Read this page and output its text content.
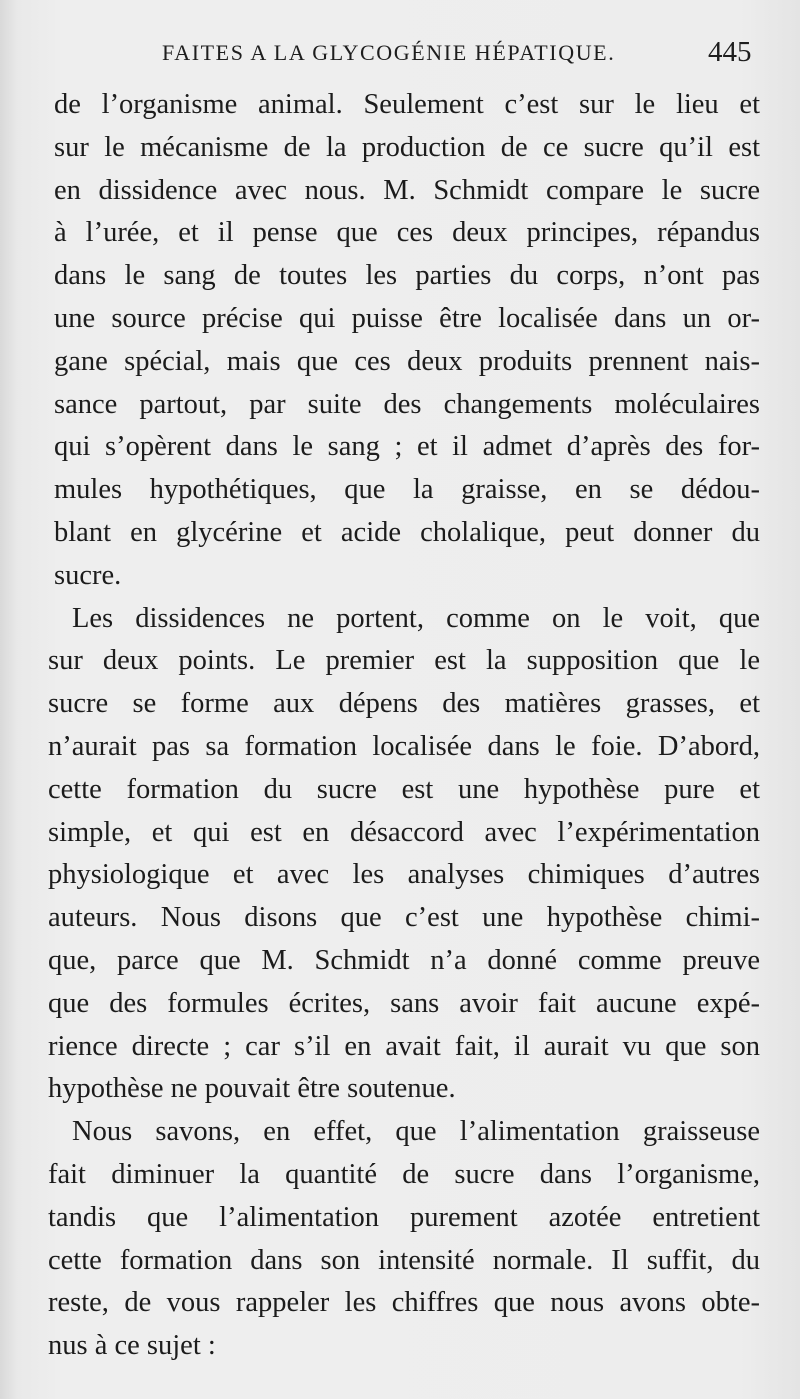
FAITES A LA GLYCOGÉNIE HÉPATIQUE.	445
de l’organisme animal. Seulement c’est sur le lieu et
sur le mécanisme de la production de ce sucre qu’il est
en dissidence avec nous. M. Schmidt compare le sucre
à l’urée, et il pense que ces deux principes, répandus
dans le sang de toutes les parties du corps, n’ont pas
une source précise qui puisse être localisée dans un or-
gane spécial, mais que ces deux produits prennent nais-
sance partout, par suite des changements moléculaires
qui s’opèrent dans le sang ; et il admet d’après des for-
mules hypothétiques, que la graisse, en se dédou-
blant en glycérine et acide cholalique, peut donner du
sucre.
Les dissidences ne portent, comme on le voit, que
sur deux points. Le premier est la supposition que le
sucre se forme aux dépens des matières grasses, et
n’aurait pas sa formation localisée dans le foie. D’abord,
cette formation du sucre est une hypothèse pure et
simple, et qui est en désaccord avec l’expérimentation
physiologique et avec les analyses chimiques d’autres
auteurs. Nous disons que c’est une hypothèse chimi-
que, parce que M. Schmidt n’a donné comme preuve
que des formules écrites, sans avoir fait aucune expé-
rience directe ; car s’il en avait fait, il aurait vu que son
hypothèse ne pouvait être soutenue.
Nous savons, en effet, que l’alimentation graisseuse
fait diminuer la quantité de sucre dans l’organisme,
tandis que l’alimentation purement azotée entretient
cette formation dans son intensité normale. Il suffit, du
reste, de vous rappeler les chiffres que nous avons obte-
nus à ce sujet :
